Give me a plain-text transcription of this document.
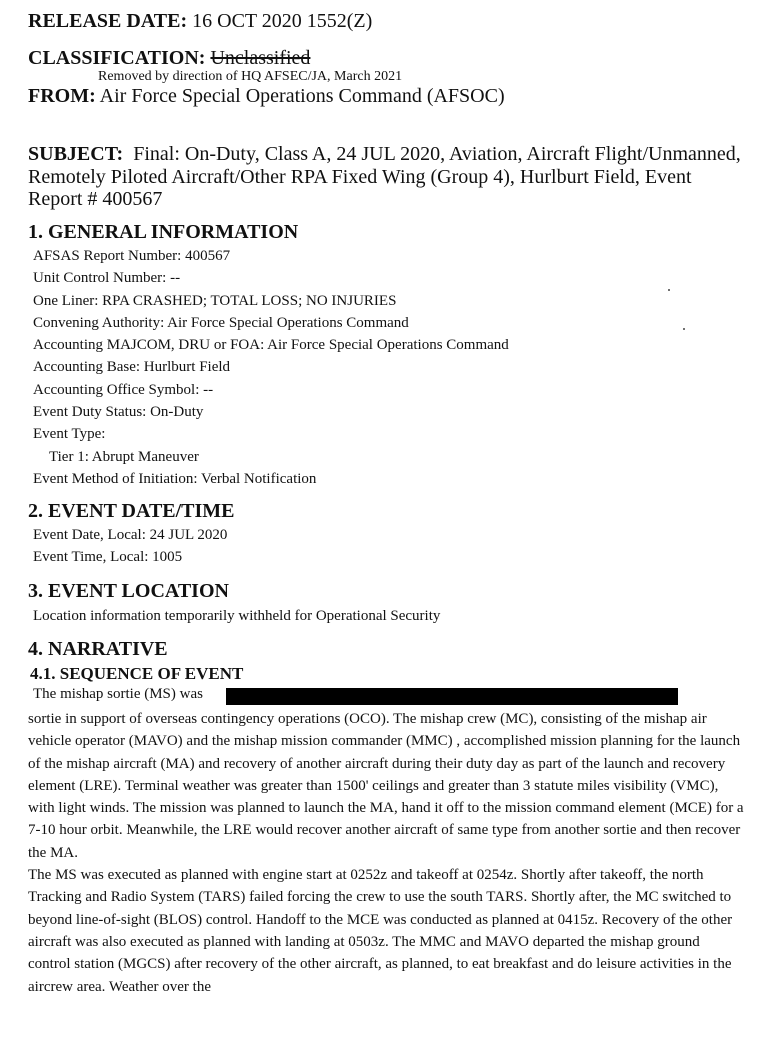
RELEASE DATE: 16 OCT 2020 1552(Z)
CLASSIFICATION: Unclassified
Removed by direction of HQ AFSEC/JA, March 2021
FROM: Air Force Special Operations Command (AFSOC)
SUBJECT: Final: On-Duty, Class A, 24 JUL 2020, Aviation, Aircraft Flight/Unmanned, Remotely Piloted Aircraft/Other RPA Fixed Wing (Group 4), Hurlburt Field, Event Report # 400567
1. GENERAL INFORMATION
AFSAS Report Number: 400567
Unit Control Number: --
One Liner: RPA CRASHED; TOTAL LOSS; NO INJURIES
Convening Authority: Air Force Special Operations Command
Accounting MAJCOM, DRU or FOA: Air Force Special Operations Command
Accounting Base: Hurlburt Field
Accounting Office Symbol: --
Event Duty Status: On-Duty
Event Type:
Tier 1: Abrupt Maneuver
Event Method of Initiation: Verbal Notification
2. EVENT DATE/TIME
Event Date, Local: 24 JUL 2020
Event Time, Local: 1005
3. EVENT LOCATION
Location information temporarily withheld for Operational Security
4. NARRATIVE
4.1. SEQUENCE OF EVENT
The mishap sortie (MS) was

sortie in support of overseas contingency operations (OCO). The mishap crew (MC), consisting of the mishap air vehicle operator (MAVO) and the mishap mission commander (MMC) , accomplished mission planning for the launch of the mishap aircraft (MA) and recovery of another aircraft during their duty day as part of the launch and recovery element (LRE). Terminal weather was greater than 1500' ceilings and greater than 3 statute miles visibility (VMC), with light winds. The mission was planned to launch the MA, hand it off to the mission command element (MCE) for a 7-10 hour orbit. Meanwhile, the LRE would recover another aircraft of same type from another sortie and then recover the MA.

The MS was executed as planned with engine start at 0252z and takeoff at 0254z. Shortly after takeoff, the north Tracking and Radio System (TARS) failed forcing the crew to use the south TARS. Shortly after, the MC switched to beyond line-of-sight (BLOS) control. Handoff to the MCE was conducted as planned at 0415z. Recovery of the other aircraft was also executed as planned with landing at 0503z. The MMC and MAVO departed the mishap ground control station (MGCS) after recovery of the other aircraft, as planned, to eat breakfast and do leisure activities in the aircrew area. Weather over the
